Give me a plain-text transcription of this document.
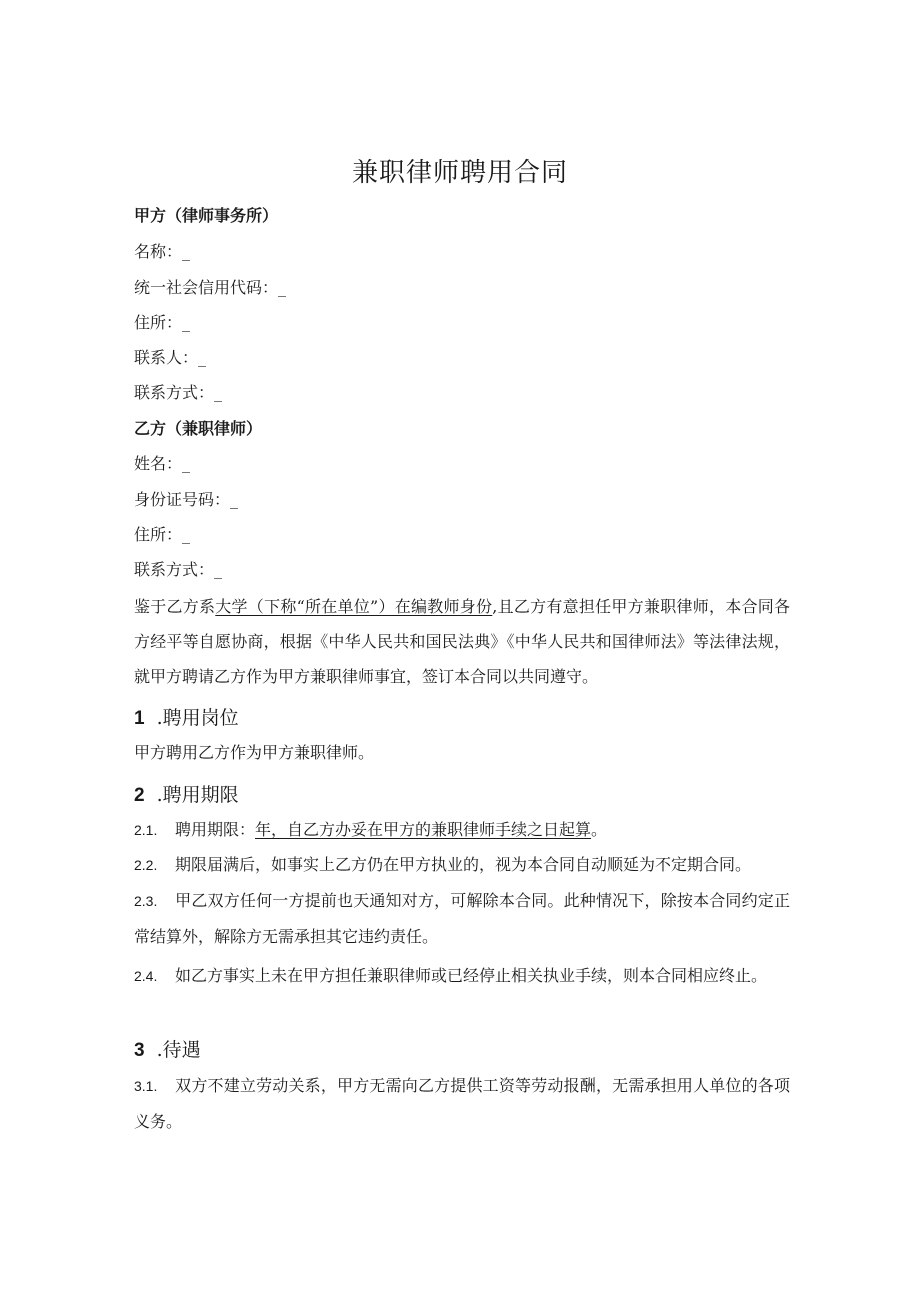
兼职律师聘用合同
甲方（律师事务所）
名称：_
统一社会信用代码：_
住所：_
联系人：_
联系方式：_
乙方（兼职律师）
姓名：_
身份证号码：_
住所：_
联系方式：_
鉴于乙方系大学（下称“所在单位”）在编教师身份,且乙方有意担任甲方兼职律师，本合同各方经平等自愿协商，根据《中华人民共和国民法典》《中华人民共和国律师法》等法律法规，就甲方聘请乙方作为甲方兼职律师事宜，签订本合同以共同遵守。
1 .聘用岗位
甲方聘用乙方作为甲方兼职律师。
2 .聘用期限
2.1. 聘用期限：年，自乙方办妥在甲方的兼职律师手续之日起算。
2.2. 期限届满后，如事实上乙方仍在甲方执业的，视为本合同自动顺延为不定期合同。
2.3. 甲乙双方任何一方提前也天通知对方，可解除本合同。此种情况下，除按本合同约定正常结算外，解除方无需承担其它违约责任。
2.4. 如乙方事实上未在甲方担任兼职律师或已经停止相关执业手续，则本合同相应终止。
3 .待遇
3.1. 双方不建立劳动关系，甲方无需向乙方提供工资等劳动报酬，无需承担用人单位的各项义务。
